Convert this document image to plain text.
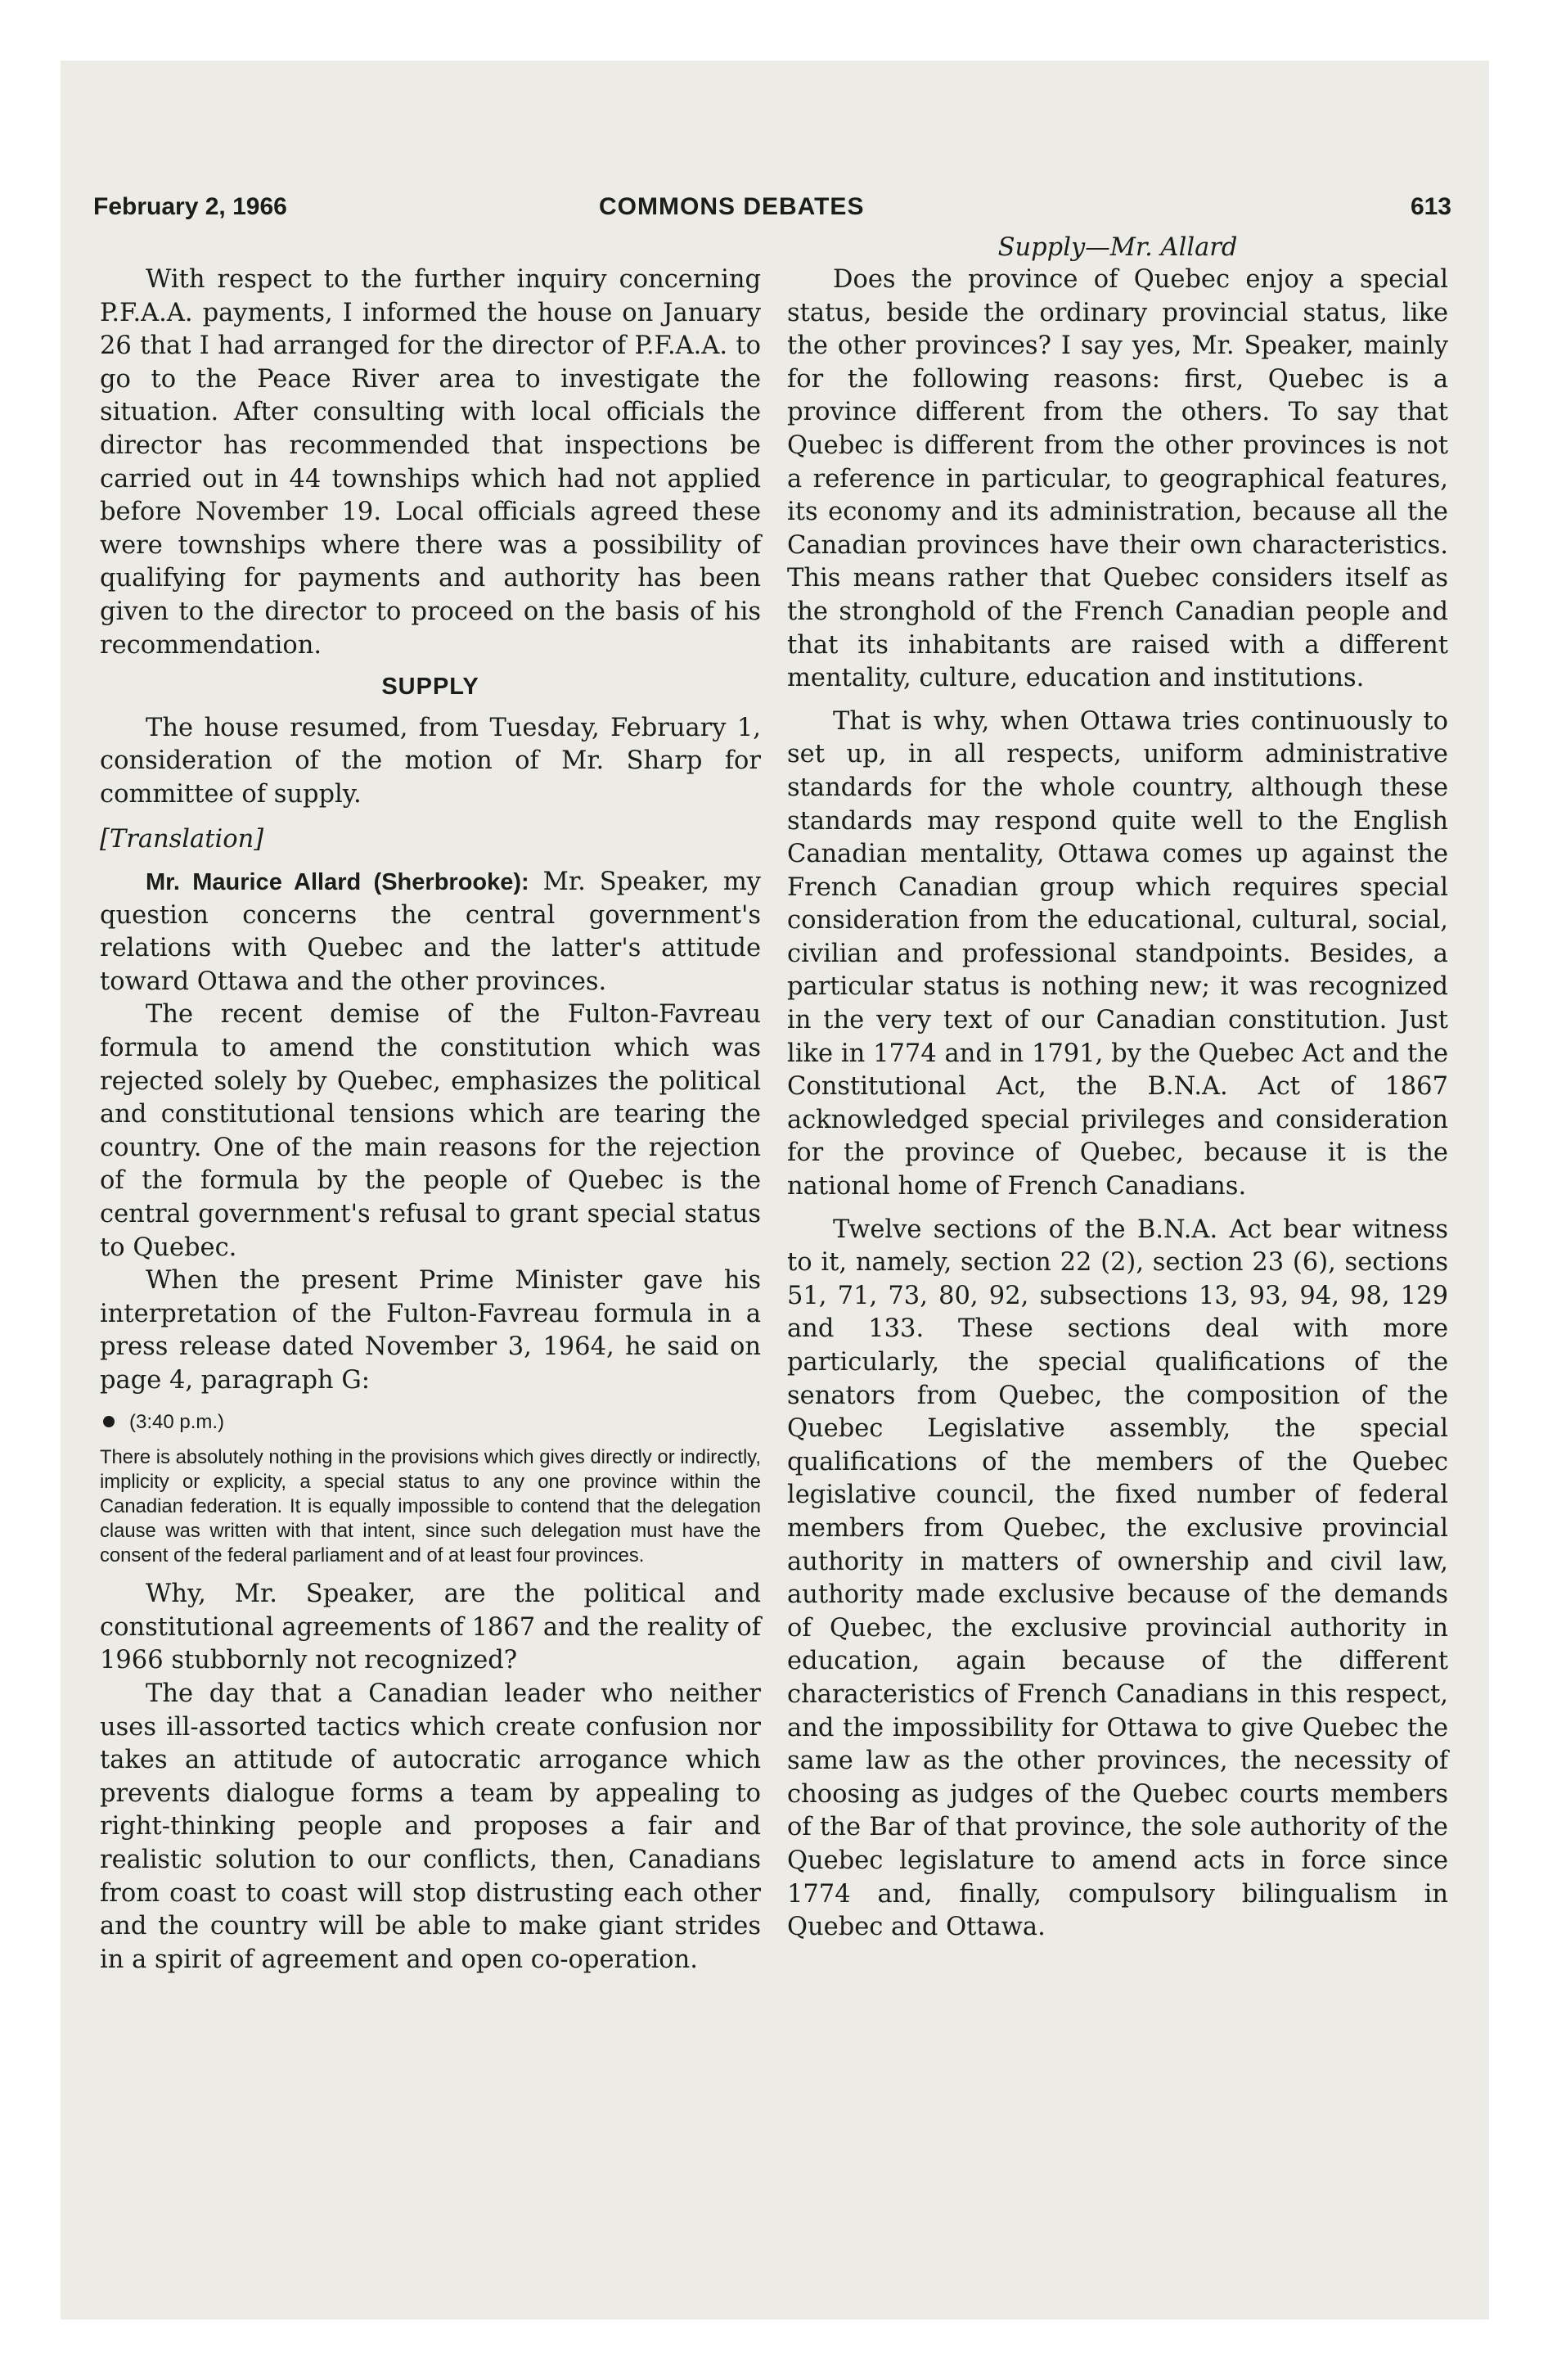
February 2, 1966	COMMONS DEBATES	613

With respect to the further inquiry concerning P.F.A.A. payments, I informed the house on January 26 that I had arranged for the director of P.F.A.A. to go to the Peace River area to investigate the situation. After consulting with local officials the director has recommended that inspections be carried out in 44 townships which had not applied before November 19. Local officials agreed these were townships where there was a possibility of qualifying for payments and authority has been given to the director to proceed on the basis of his recommendation.

SUPPLY

The house resumed, from Tuesday, February 1, consideration of the motion of Mr. Sharp for committee of supply.

[Translation]

Mr. Maurice Allard (Sherbrooke): Mr. Speaker, my question concerns the central government's relations with Quebec and the latter's attitude toward Ottawa and the other provinces.

The recent demise of the Fulton-Favreau formula to amend the constitution which was rejected solely by Quebec, emphasizes the political and constitutional tensions which are tearing the country. One of the main reasons for the rejection of the formula by the people of Quebec is the central government's refusal to grant special status to Quebec.

When the present Prime Minister gave his interpretation of the Fulton-Favreau formula in a press release dated November 3, 1964, he said on page 4, paragraph G:

(3:40 p.m.)

There is absolutely nothing in the provisions which gives directly or indirectly, implicity or explicity, a special status to any one province within the Canadian federation. It is equally impossible to contend that the delegation clause was written with that intent, since such delegation must have the consent of the federal parliament and of at least four provinces.

Why, Mr. Speaker, are the political and constitutional agreements of 1867 and the reality of 1966 stubbornly not recognized?

The day that a Canadian leader who neither uses ill-assorted tactics which create confusion nor takes an attitude of autocratic arrogance which prevents dialogue forms a team by appealing to right-thinking people and proposes a fair and realistic solution to our conflicts, then, Canadians from coast to coast will stop distrusting each other and the country will be able to make giant strides in a spirit of agreement and open co-operation.

Supply—Mr. Allard

Does the province of Quebec enjoy a special status, beside the ordinary provincial status, like the other provinces? I say yes, Mr. Speaker, mainly for the following reasons: first, Quebec is a province different from the others. To say that Quebec is different from the other provinces is not a reference in particular, to geographical features, its economy and its administration, because all the Canadian provinces have their own characteristics. This means rather that Quebec considers itself as the stronghold of the French Canadian people and that its inhabitants are raised with a different mentality, culture, education and institutions.

That is why, when Ottawa tries continuously to set up, in all respects, uniform administrative standards for the whole country, although these standards may respond quite well to the English Canadian mentality, Ottawa comes up against the French Canadian group which requires special consideration from the educational, cultural, social, civilian and professional standpoints. Besides, a particular status is nothing new; it was recognized in the very text of our Canadian constitution. Just like in 1774 and in 1791, by the Quebec Act and the Constitutional Act, the B.N.A. Act of 1867 acknowledged special privileges and consideration for the province of Quebec, because it is the national home of French Canadians.

Twelve sections of the B.N.A. Act bear witness to it, namely, section 22 (2), section 23 (6), sections 51, 71, 73, 80, 92, subsections 13, 93, 94, 98, 129 and 133. These sections deal with more particularly, the special qualifications of the senators from Quebec, the composition of the Quebec Legislative assembly, the special qualifications of the members of the Quebec legislative council, the fixed number of federal members from Quebec, the exclusive provincial authority in matters of ownership and civil law, authority made exclusive because of the demands of Quebec, the exclusive provincial authority in education, again because of the different characteristics of French Canadians in this respect, and the impossibility for Ottawa to give Quebec the same law as the other provinces, the necessity of choosing as judges of the Quebec courts members of the Bar of that province, the sole authority of the Quebec legislature to amend acts in force since 1774 and, finally, compulsory bilingualism in Quebec and Ottawa.
